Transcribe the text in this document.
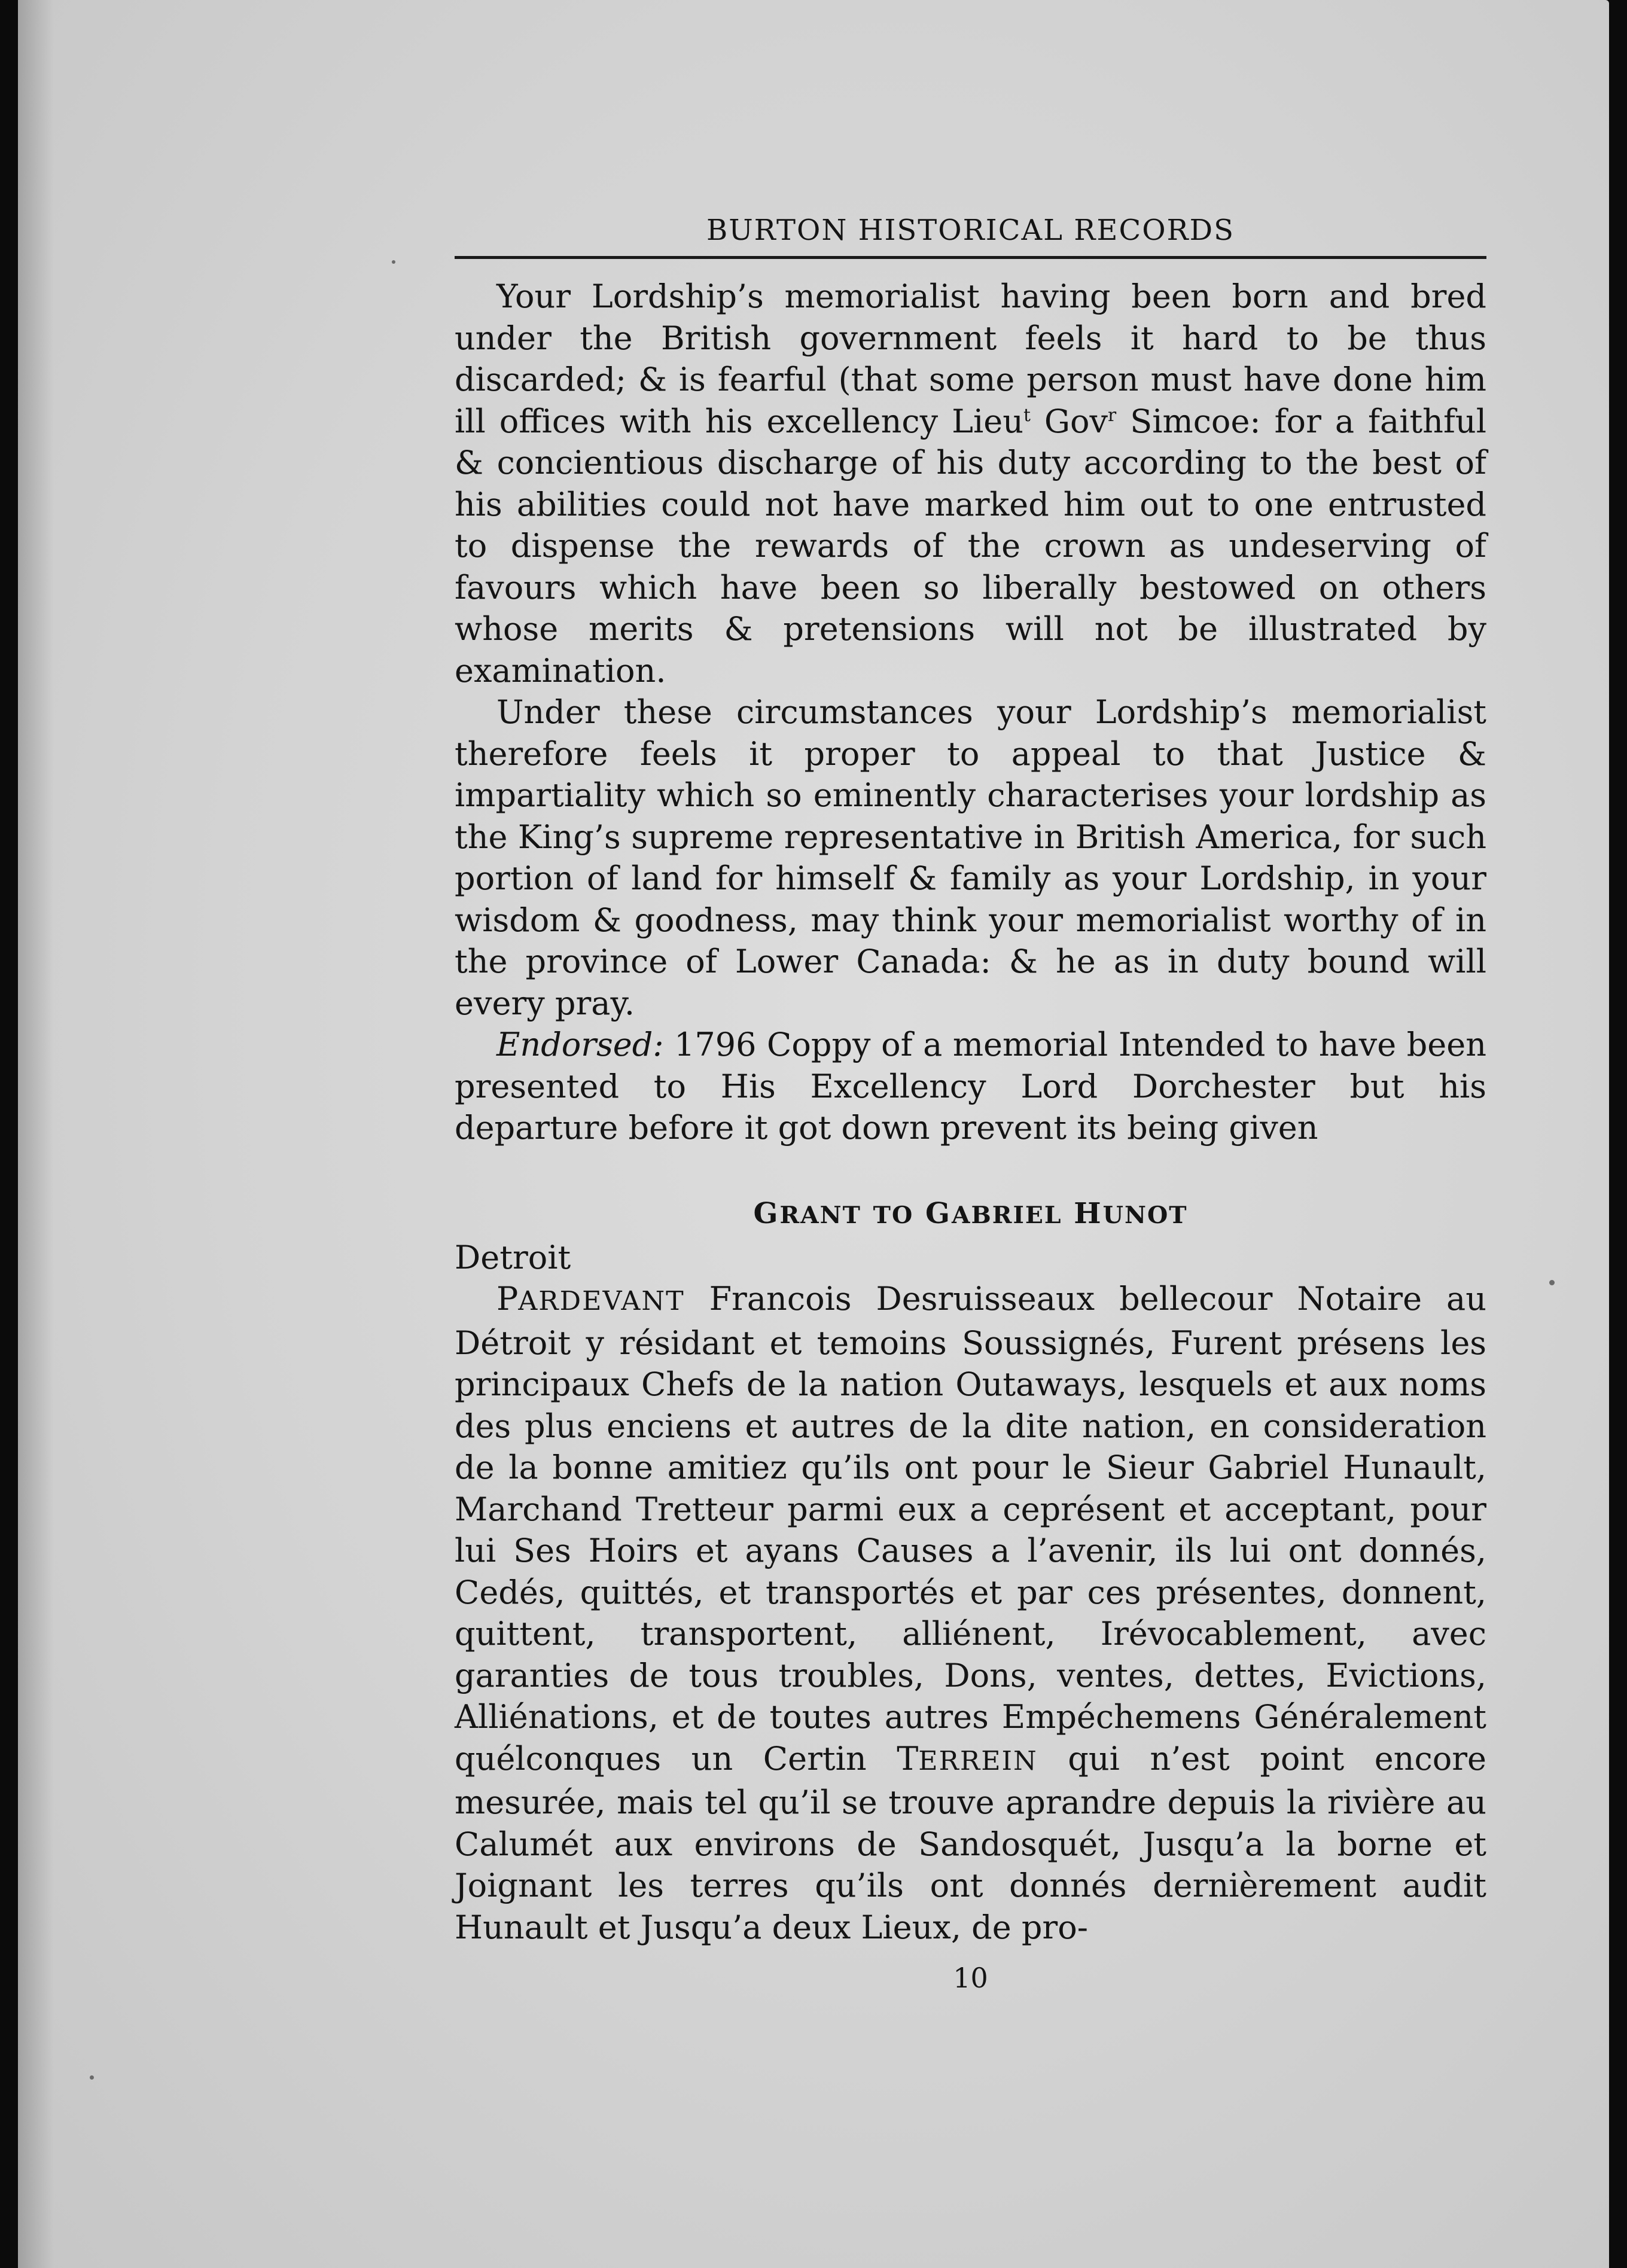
BURTON HISTORICAL RECORDS

Your Lordship’s memorialist having been born and bred under the British government feels it hard to be thus discarded; & is fearful (that some person must have done him ill offices with his excellency Lieu$^t$ Gov$^r$ Simcoe: for a faithful & concientious discharge of his duty according to the best of his abilities could not have marked him out to one entrusted to dispense the rewards of the crown as undeserving of favours which have been so liberally bestowed on others whose merits & pretensions will not be illustrated by examination.

Under these circumstances your Lordship’s memorialist therefore feels it proper to appeal to that Justice & impartiality which so eminently characterises your lordship as the King’s supreme representative in British America, for such portion of land for himself & family as your Lordship, in your wisdom & goodness, may think your memorialist worthy of in the province of Lower Canada: & he as in duty bound will every pray.

Endorsed: 1796 Coppy of a memorial Intended to have been presented to His Excellency Lord Dorchester but his departure before it got down prevent its being given

GRANT TO GABRIEL HUNOT
Detroit

PARDEVANT Francois Desruisseaux bellecour Notaire au Détroit y résidant et temoins Soussignés, Furent présens les principaux Chefs de la nation Outaways, lesquels et aux noms des plus enciens et autres de la dite nation, en consideration de la bonne amitiez qu’ils ont pour le Sieur Gabriel Hunault, Marchand Tretteur parmi eux a ceprésent et acceptant, pour lui Ses Hoirs et ayans Causes a l’avenir, ils lui ont donnés, Cedés, quittés, et transportés et par ces présentes, donnent, quittent, transportent, alliénent, Irévocablement, avec garanties de tous troubles, Dons, ventes, dettes, Evictions, Alliénations, et de toutes autres Empéchemens Généralement quélconques un Certin TERREIN qui n’est point encore mesurée, mais tel qu’il se trouve aprandre depuis la rivière au Calumét aux environs de Sandosquét, Jusqu’a la borne et Joignant les terres qu’ils ont donnés dernièrement audit Hunault et Jusqu’a deux Lieux, de pro-

10
